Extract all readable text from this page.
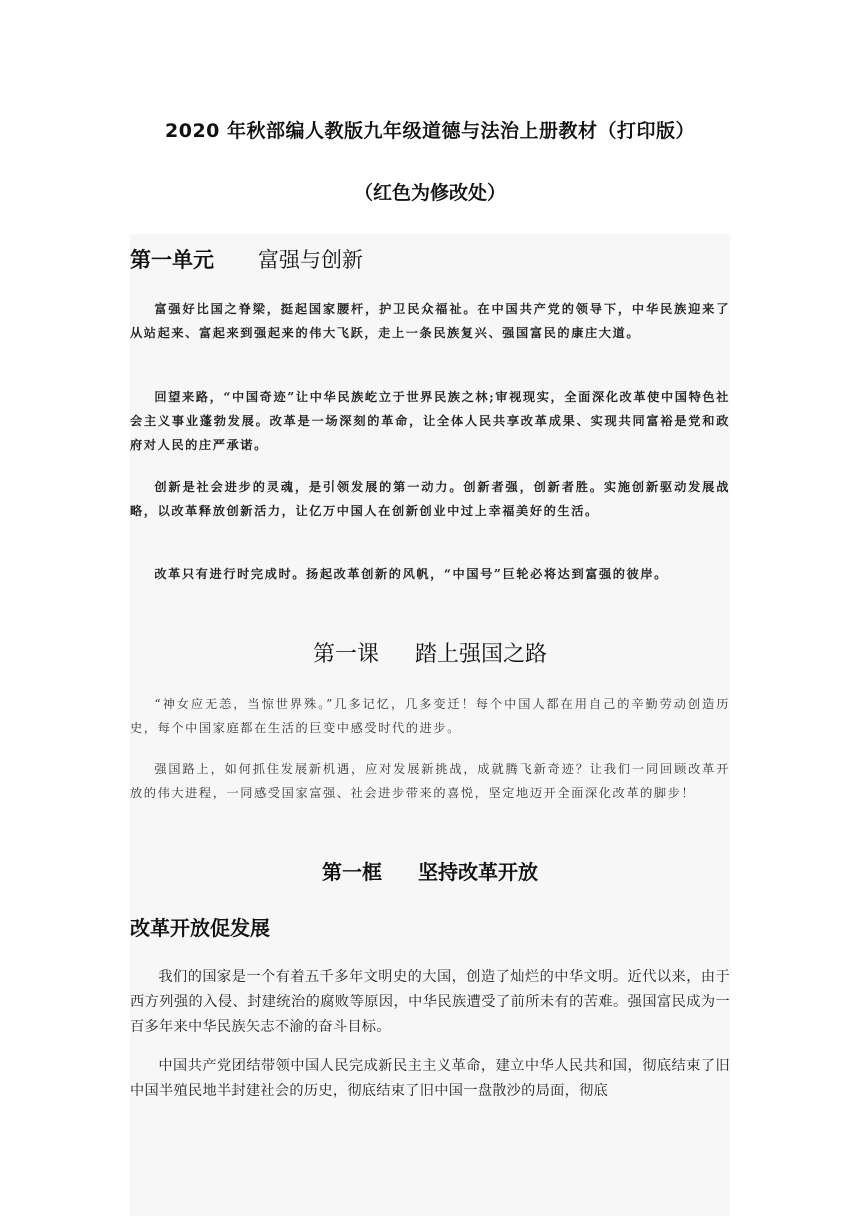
2020 年秋部编人教版九年级道德与法治上册教材（打印版）
（红色为修改处）
第一单元 富强与创新

富强好比国之脊梁，挺起国家腰杆，护卫民众福祉。在中国共产党的领导下，中华民族迎来了从站起来、富起来到强起来的伟大飞跃，走上一条民族复兴、强国富民的康庄大道。

回望来路，“中国奇迹”让中华民族屹立于世界民族之林;审视现实，全面深化改革使中国特色社会主义事业蓬勃发展。改革是一场深刻的革命，让全体人民共享改革成果、实现共同富裕是党和政府对人民的庄严承诺。

创新是社会进步的灵魂，是引领发展的第一动力。创新者强，创新者胜。实施创新驱动发展战略，以改革释放创新活力，让亿万中国人在创新创业中过上幸福美好的生活。

改革只有进行时完成时。扬起改革创新的风帆，“中国号”巨轮必将达到富强的彼岸。

第一课 踏上强国之路

“神女应无恙，当惊世界殊。”几多记忆，几多变迁！每个中国人都在用自己的辛勤劳动创造历史，每个中国家庭都在生活的巨变中感受时代的进步。

强国路上，如何抓住发展新机遇，应对发展新挑战，成就腾飞新奇迹？让我们一同回顾改革开放的伟大进程，一同感受国家富强、社会进步带来的喜悦，坚定地迈开全面深化改革的脚步！

第一框 坚持改革开放
改革开放促发展

我们的国家是一个有着五千多年文明史的大国，创造了灿烂的中华文明。近代以来，由于西方列强的入侵、封建统治的腐败等原因，中华民族遭受了前所未有的苦难。强国富民成为一百多年来中华民族矢志不渝的奋斗目标。

中国共产党团结带领中国人民完成新民主主义革命，建立中华人民共和国，彻底结束了旧中国半殖民地半封建社会的历史，彻底结束了旧中国一盘散沙的局面，彻底
